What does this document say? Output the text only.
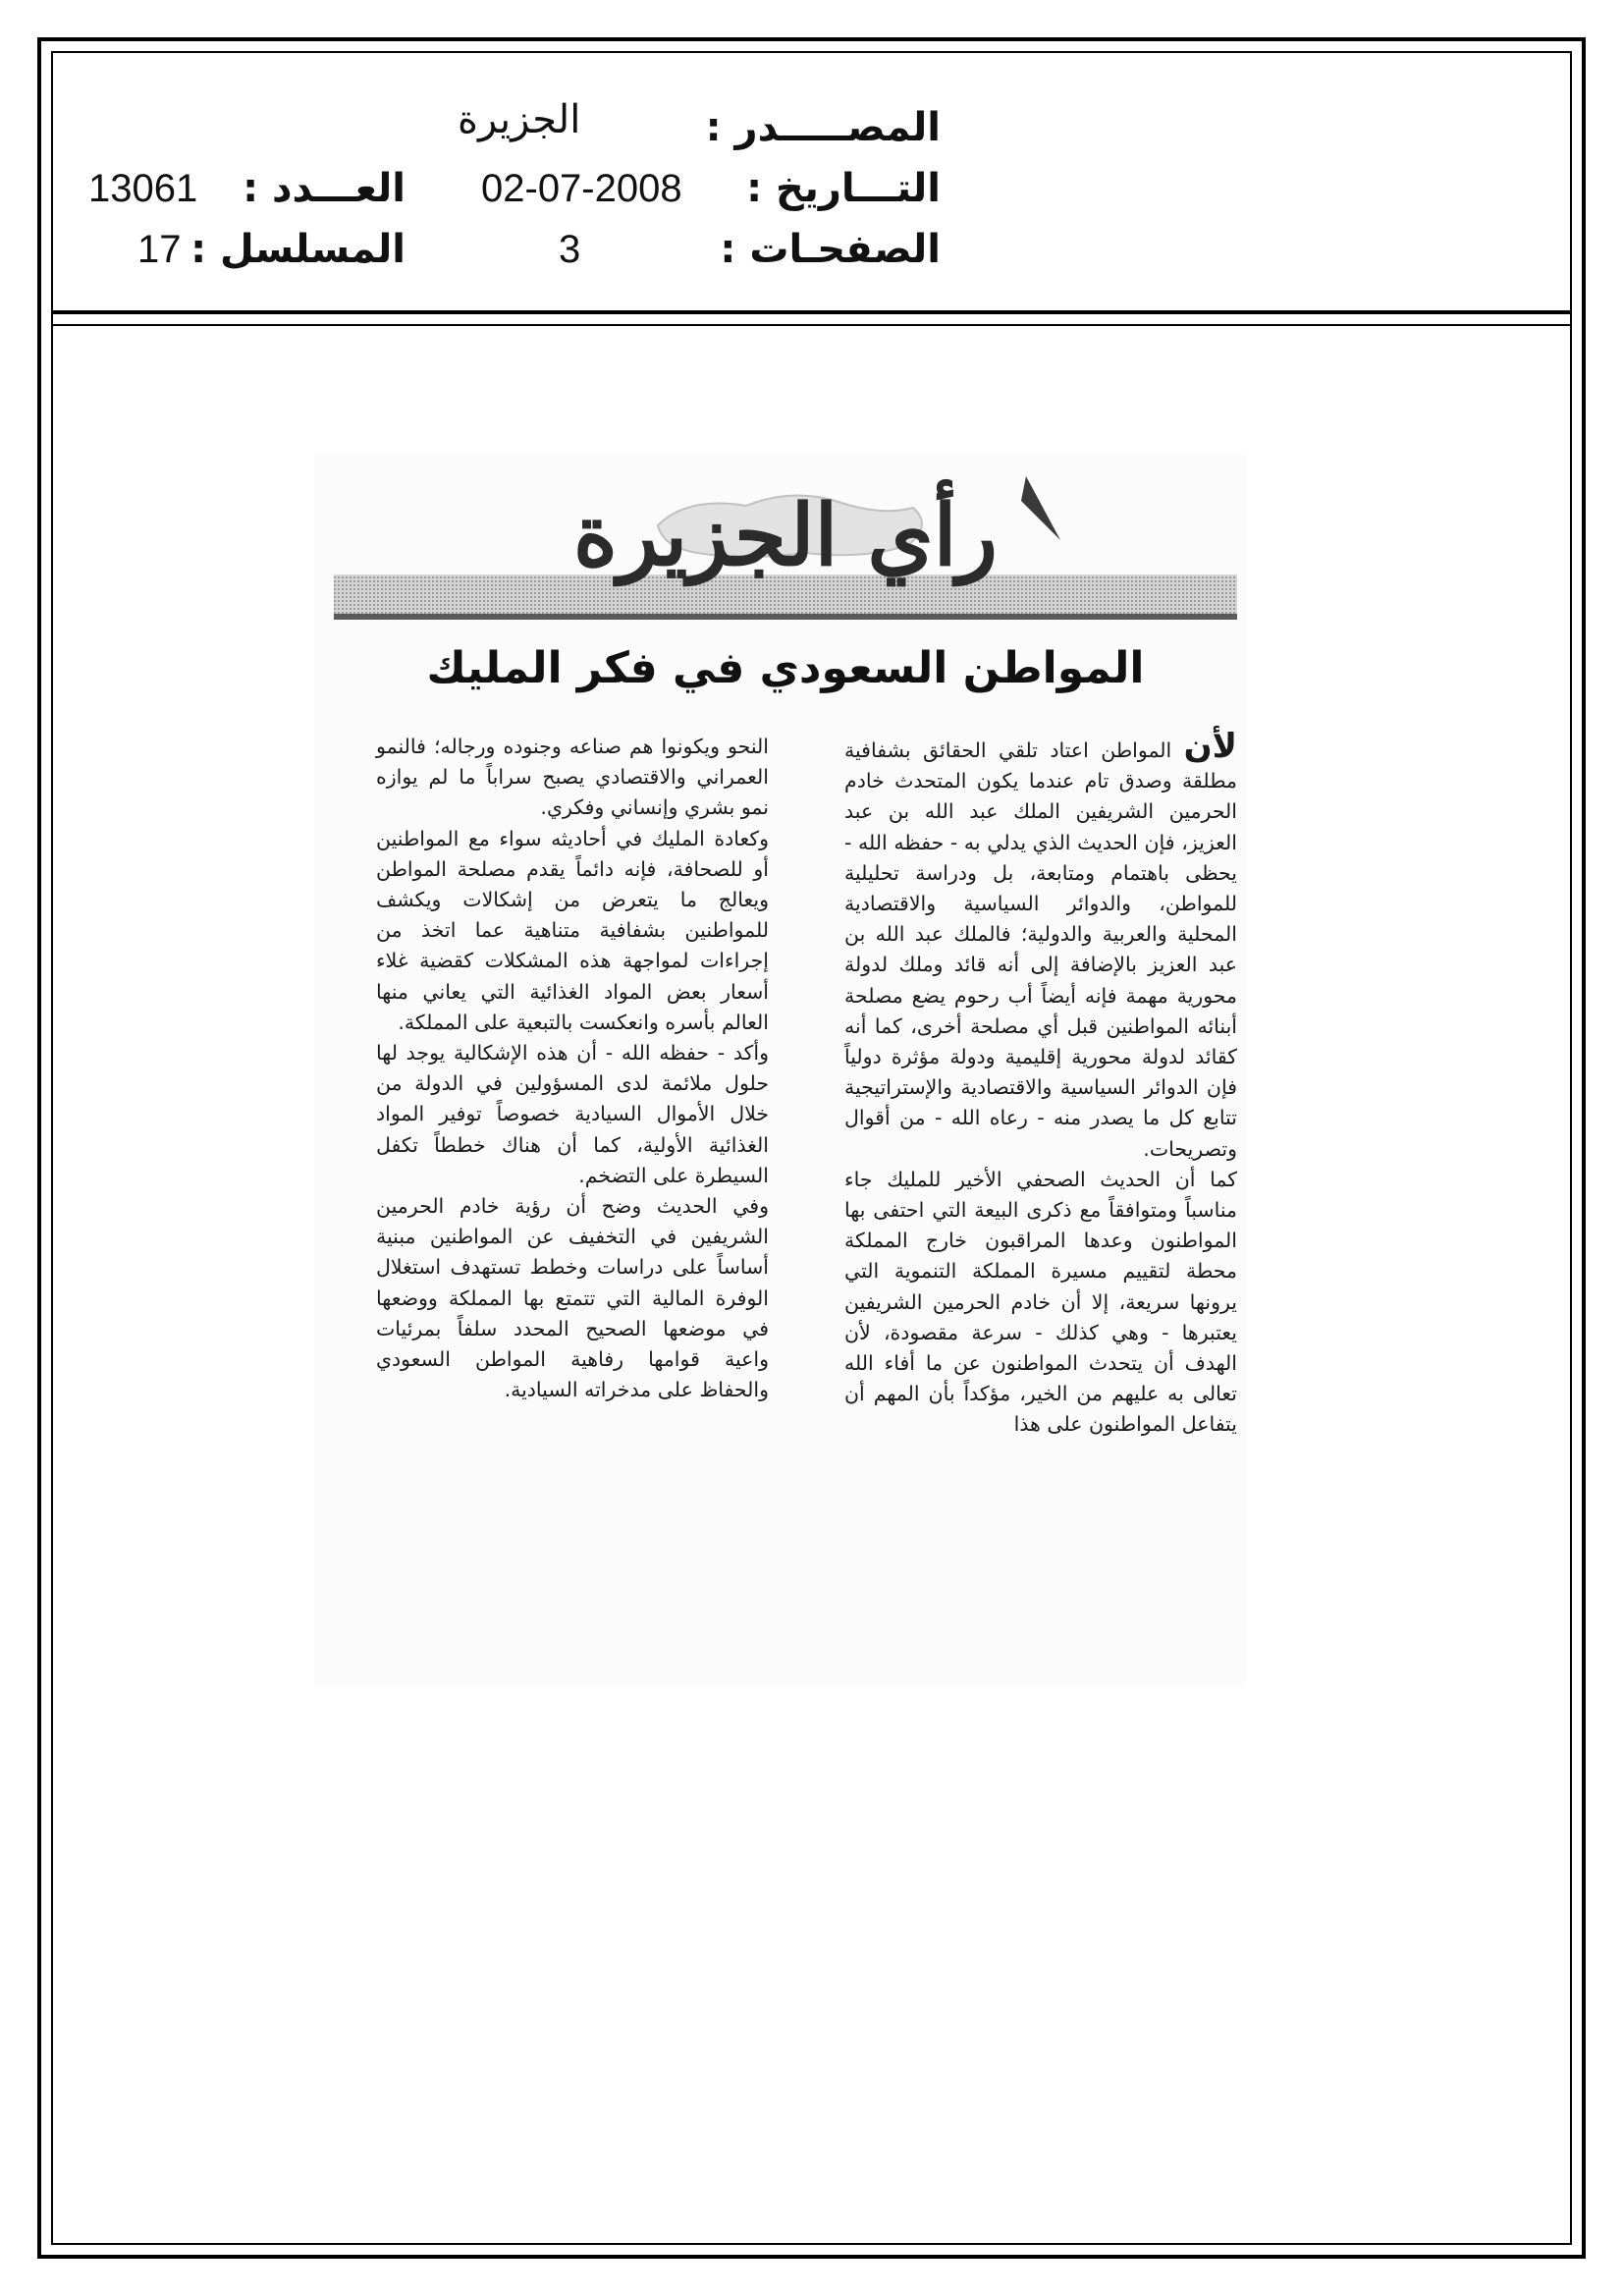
المصـــــدر :
الجزيرة
التـــاريخ :
02-07-2008
العـــدد :
13061
الصفحـات :
3
المسلسل :
17
رأي الجزيرة
المواطن السعودي في فكر المليك
لأن المواطن اعتاد تلقي الحقائق بشفافية مطلقة وصدق تام عندما يكون المتحدث خادم الحرمين الشريفين الملك عبد الله بن عبد العزيز، فإن الحديث الذي يدلي به - حفظه الله - يحظى باهتمام ومتابعة، بل ودراسة تحليلية للمواطن، والدوائر السياسية والاقتصادية المحلية والعربية والدولية؛ فالملك عبد الله بن عبد العزيز بالإضافة إلى أنه قائد وملك لدولة محورية مهمة فإنه أيضاً أب رحوم يضع مصلحة أبنائه المواطنين قبل أي مصلحة أخرى، كما أنه كقائد لدولة محورية إقليمية ودولة مؤثرة دولياً فإن الدوائر السياسية والاقتصادية والإستراتيجية تتابع كل ما يصدر منه - رعاه الله - من أقوال وتصريحات.
كما أن الحديث الصحفي الأخير للمليك جاء مناسباً ومتوافقاً مع ذكرى البيعة التي احتفى بها المواطنون وعدها المراقبون خارج المملكة محطة لتقييم مسيرة المملكة التنموية التي يرونها سريعة، إلا أن خادم الحرمين الشريفين يعتبرها - وهي كذلك - سرعة مقصودة، لأن الهدف أن يتحدث المواطنون عن ما أفاء الله تعالى به عليهم من الخير، مؤكداً بأن المهم أن يتفاعل المواطنون على هذا
النحو ويكونوا هم صناعه وجنوده ورجاله؛ فالنمو العمراني والاقتصادي يصبح سراباً ما لم يوازه نمو بشري وإنساني وفكري.
وكعادة المليك في أحاديثه سواء مع المواطنين أو للصحافة، فإنه دائماً يقدم مصلحة المواطن ويعالج ما يتعرض من إشكالات ويكشف للمواطنين بشفافية متناهية عما اتخذ من إجراءات لمواجهة هذه المشكلات كقضية غلاء أسعار بعض المواد الغذائية التي يعاني منها العالم بأسره وانعكست بالتبعية على المملكة.
وأكد - حفظه الله - أن هذه الإشكالية يوجد لها حلول ملائمة لدى المسؤولين في الدولة من خلال الأموال السيادية خصوصاً توفير المواد الغذائية الأولية، كما أن هناك خططاً تكفل السيطرة على التضخم.
وفي الحديث وضح أن رؤية خادم الحرمين الشريفين في التخفيف عن المواطنين مبنية أساساً على دراسات وخطط تستهدف استغلال الوفرة المالية التي تتمتع بها المملكة ووضعها في موضعها الصحيح المحدد سلفاً بمرئيات واعية قوامها رفاهية المواطن السعودي والحفاظ على مدخراته السيادية.
